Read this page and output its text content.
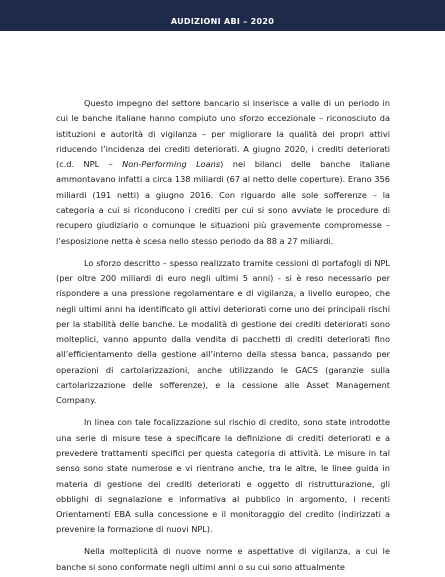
AUDIZIONI ABI – 2020

Questo impegno del settore bancario si inserisce a valle di un periodo in cui le banche italiane hanno compiuto uno sforzo eccezionale – riconosciuto da istituzioni e autorità di vigilanza – per migliorare la qualità dei propri attivi riducendo l’incidenza dei crediti deteriorati. A giugno 2020, i crediti deteriorati (c.d. NPL – Non-Performing Loans) nei bilanci delle banche italiane ammontavano infatti a circa 138 miliardi (67 al netto delle coperture). Erano 356 miliardi (191 netti) a giugno 2016. Con riguardo alle sole sofferenze – la categoria a cui si riconducono i crediti per cui si sono avviate le procedure di recupero giudiziario o comunque le situazioni più gravemente compromesse – l’esposizione netta è scesa nello stesso periodo da 88 a 27 miliardi.

Lo sforzo descritto – spesso realizzato tramite cessioni di portafogli di NPL (per oltre 200 miliardi di euro negli ultimi 5 anni) - si è reso necessario per rispondere a una pressione regolamentare e di vigilanza, a livello europeo, che negli ultimi anni ha identificato gli attivi deteriorati come uno dei principali rischi per la stabilità delle banche. Le modalità di gestione dei crediti deteriorati sono molteplici, vanno appunto dalla vendita di pacchetti di crediti deteriorati fino all’efficientamento della gestione all’interno della stessa banca, passando per operazioni di cartolarizzazioni, anche utilizzando le GACS (garanzie sulla cartolarizzazione delle sofferenze), e la cessione alle Asset Management Company.

In linea con tale focalizzazione sul rischio di credito, sono state introdotte una serie di misure tese a specificare la definizione di crediti deteriorati e a prevedere trattamenti specifici per questa categoria di attività. Le misure in tal senso sono state numerose e vi rientrano anche, tra le altre, le linee guida in materia di gestione dei crediti deteriorati e oggetto di ristrutturazione, gli obblighi di segnalazione e informativa al pubblico in argomento, i recenti Orientamenti EBA sulla concessione e il monitoraggio del credito (indirizzati a prevenire la formazione di nuovi NPL).

Nella molteplicità di nuove norme e aspettative di vigilanza, a cui le banche si sono conformate negli ultimi anni o su cui sono attualmente
